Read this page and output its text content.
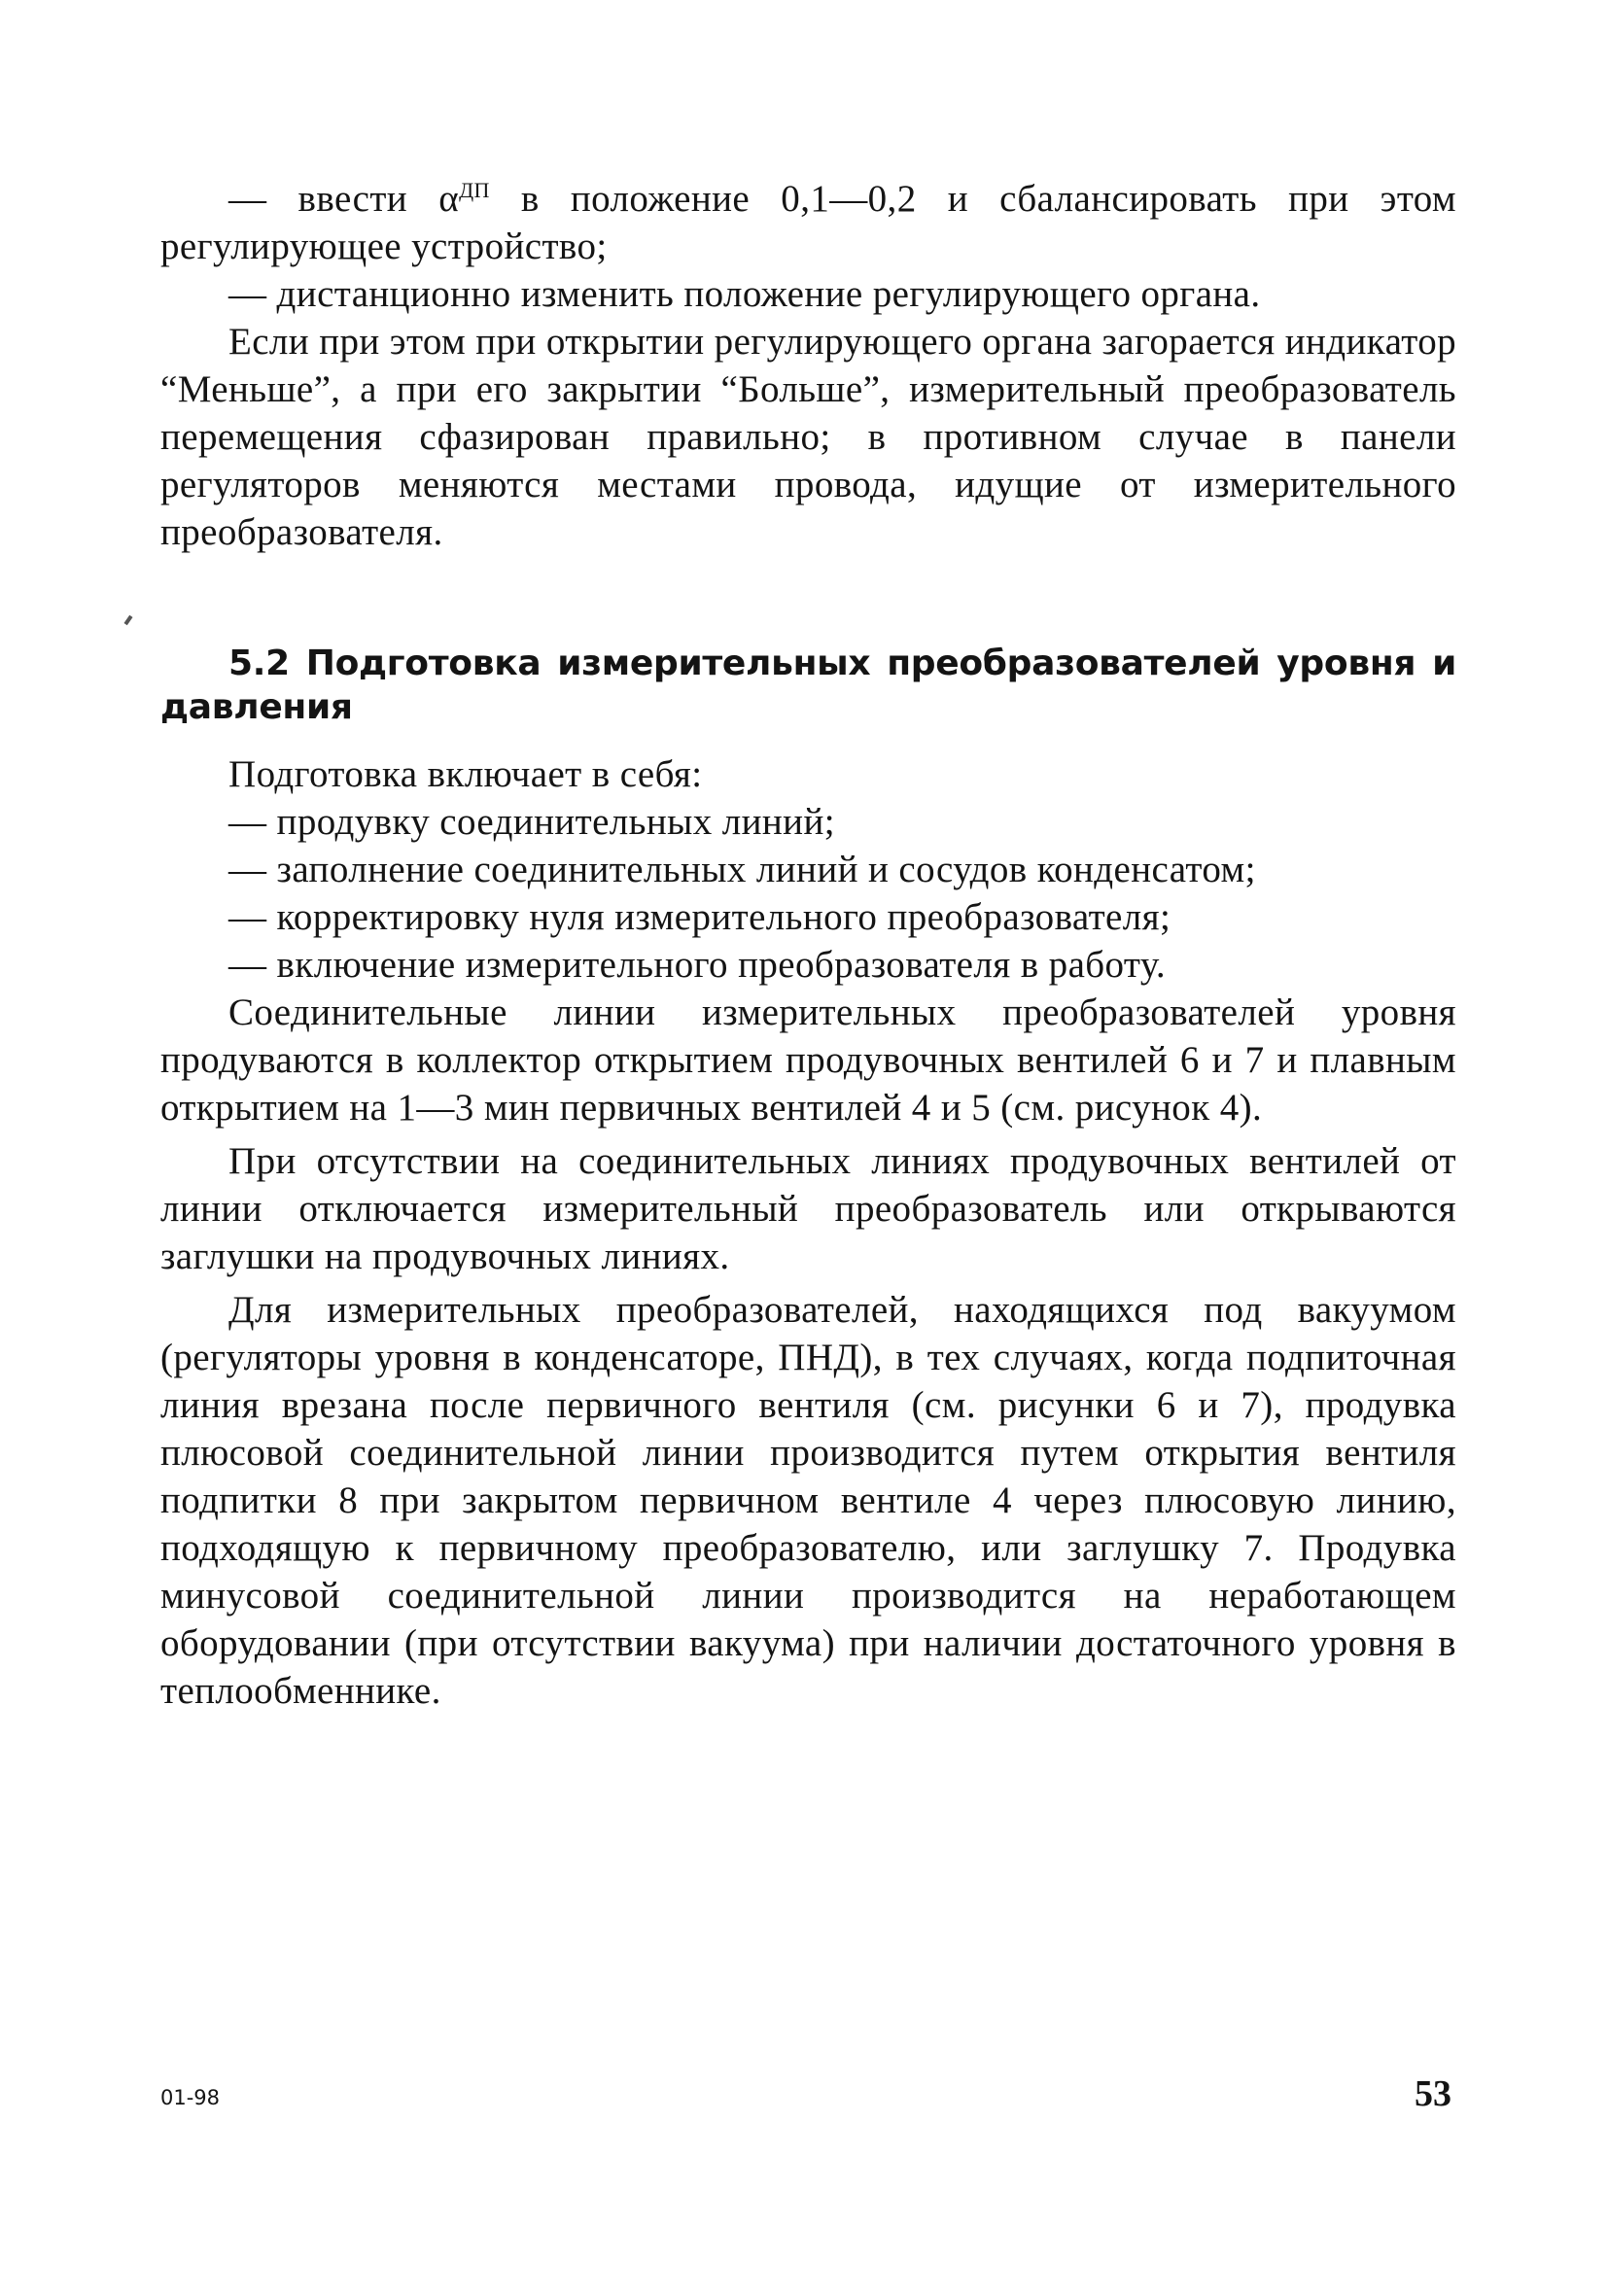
— ввести $\alpha^{ДП}$ в положение 0,1—0,2 и сбалансировать при этом регулирующее устройство;

— дистанционно изменить положение регулирующего органа.

Если при этом при открытии регулирующего органа загорается индикатор “Меньше”, а при его закрытии “Больше”, измерительный преобразователь перемещения сфазирован правильно; в противном случае в панели регуляторов меняются местами провода, идущие от измерительного преобразователя.

5.2 Подготовка измерительных преобразователей уровня и давления

Подготовка включает в себя:

— продувку соединительных линий;

— заполнение соединительных линий и сосудов конденсатом;

— корректировку нуля измерительного преобразователя;

— включение измерительного преобразователя в работу.

Соединительные линии измерительных преобразователей уровня продуваются в коллектор открытием продувочных вентилей 6 и 7 и плавным открытием на 1—3 мин первичных вентилей 4 и 5 (см. рисунок 4).

При отсутствии на соединительных линиях продувочных вентилей от линии отключается измерительный преобразователь или открываются заглушки на продувочных линиях.

Для измерительных преобразователей, находящихся под вакуумом (регуляторы уровня в конденсаторе, ПНД), в тех случаях, когда подпиточная линия врезана после первичного вентиля (см. рисунки 6 и 7), продувка плюсовой соединительной линии производится путем открытия вентиля подпитки 8 при закрытом первичном вентиле 4 через плюсовую линию, подходящую к первичному преобразователю, или заглушку 7. Продувка минусовой соединительной линии производится на неработающем оборудовании (при отсутствии вакуума) при наличии достаточного уровня в теплообменнике.

01-98	53
